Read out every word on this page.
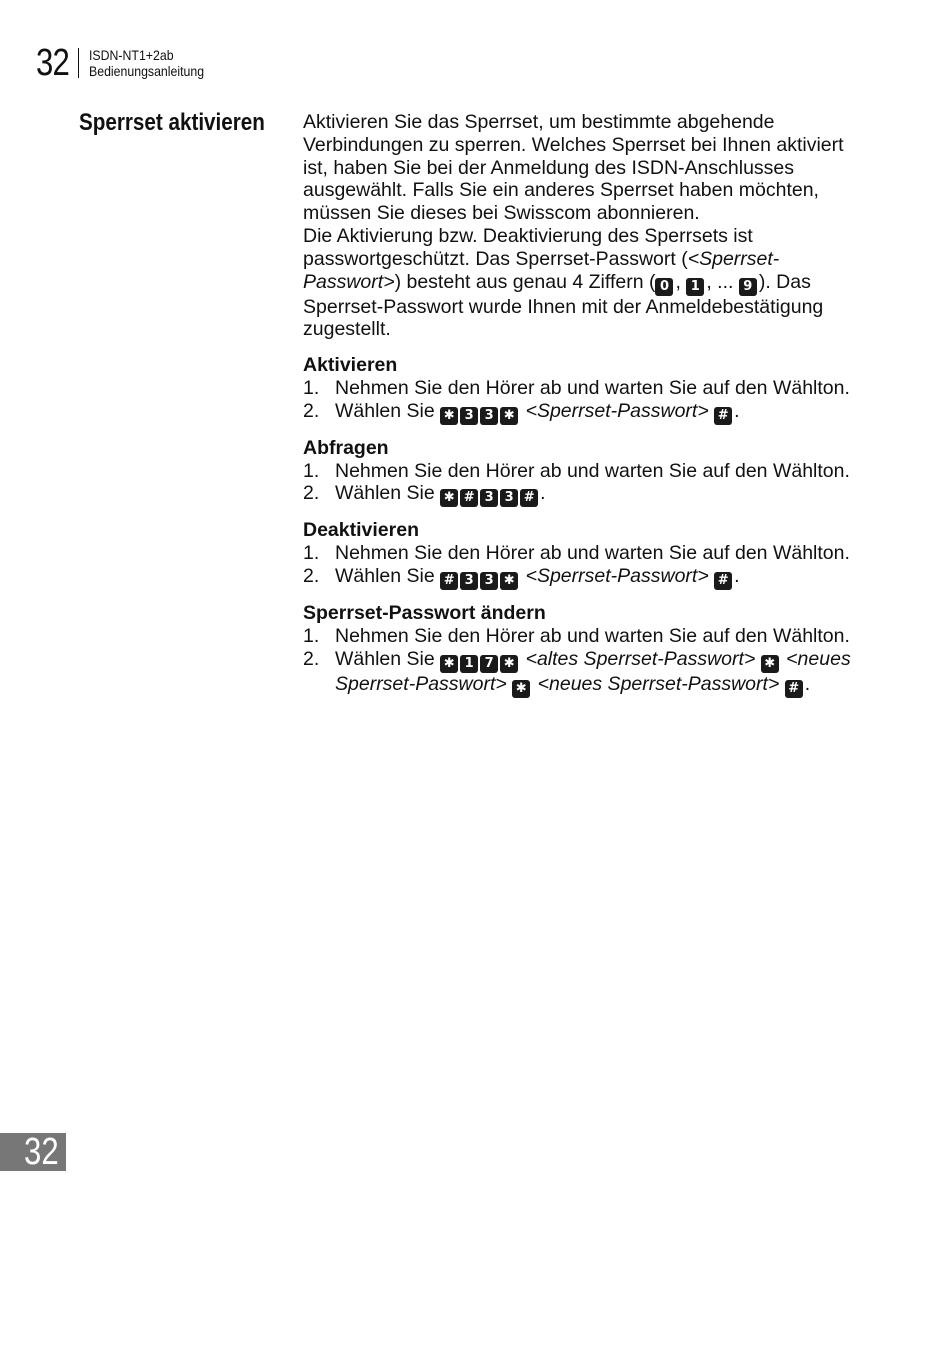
32 ISDN-NT1+2ab
Bedienungsanleitung
Sperrset aktivieren Aktivieren Sie das Sperrset, um bestimmte abgehende Verbindungen zu sperren. Welches Sperrset bei Ihnen aktiviert ist, haben Sie bei der Anmeldung des ISDN-Anschlusses ausgewählt. Falls Sie ein anderes Sperrset haben möchten, müssen Sie dieses bei Swisscom abonnieren.

Die Aktivierung bzw. Deaktivierung des Sperrsets ist passwortgeschützt. Das Sperrset-Passwort (<Sperrset-Passwort>) besteht aus genau 4 Ziffern ( 0 , 1 , ... 9 ). Das Sperrset-Passwort wurde Ihnen mit der Anmeldebestätigung zugestellt.

Aktivieren

1. Nehmen Sie den Hörer ab und warten Sie auf den Wählton.
2. Wählen Sie ✱ 3 3 ✱ <Sperrset-Passwort> # .

Abfragen

1. Nehmen Sie den Hörer ab und warten Sie auf den Wählton.
2. Wählen Sie ✱ # 3 3 # .

Deaktivieren

1. Nehmen Sie den Hörer ab und warten Sie auf den Wählton.
2. Wählen Sie # 3 3 ✱ <Sperrset-Passwort> # .

Sperrset-Passwort ändern

1. Nehmen Sie den Hörer ab und warten Sie auf den Wählton.
2. Wählen Sie ✱ 1 7 ✱ <altes Sperrset-Passwort> ✱ <neues Sperrset-Passwort> ✱ <neues Sperrset-Passwort> # .
32
